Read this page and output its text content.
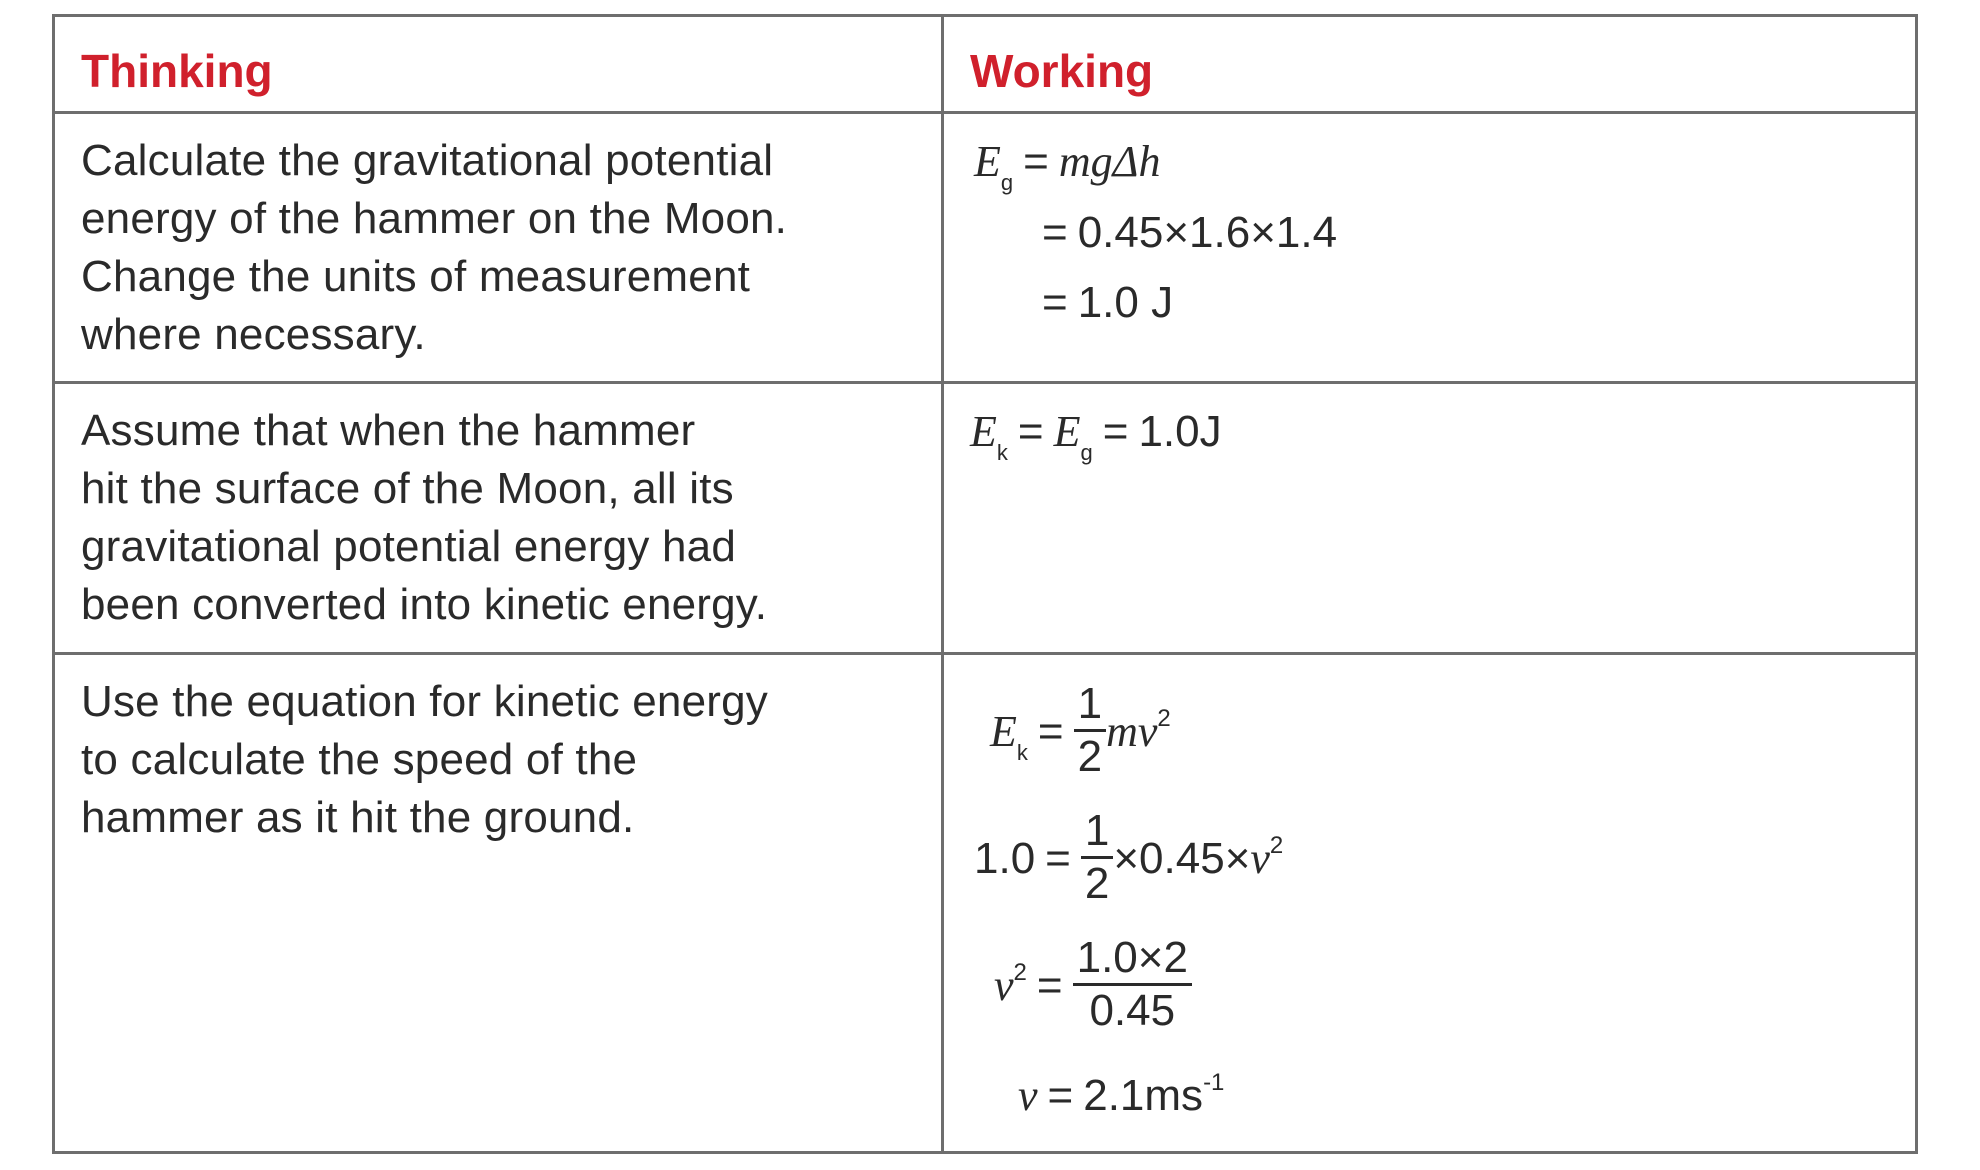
Thinking	Working
Calculate the gravitational potential
energy of the hammer on the Moon.
Change the units of measurement
where necessary.
$E_g = mg\Delta h$
= 0.45×1.6×1.4
= 1.0 J
Assume that when the hammer
hit the surface of the Moon, all its
gravitational potential energy had
been converted into kinetic energy.
$E_k = E_g = 1.0J$
Use the equation for kinetic energy
to calculate the speed of the
hammer as it hit the ground.
$E_k = \frac{1}{2} mv^2$
$1.0 = \frac{1}{2} \times 0.45\times v^2$
$v^2 = \frac{1.0\times 2}{0.45}$
$v = 2.1ms^{-1}$
